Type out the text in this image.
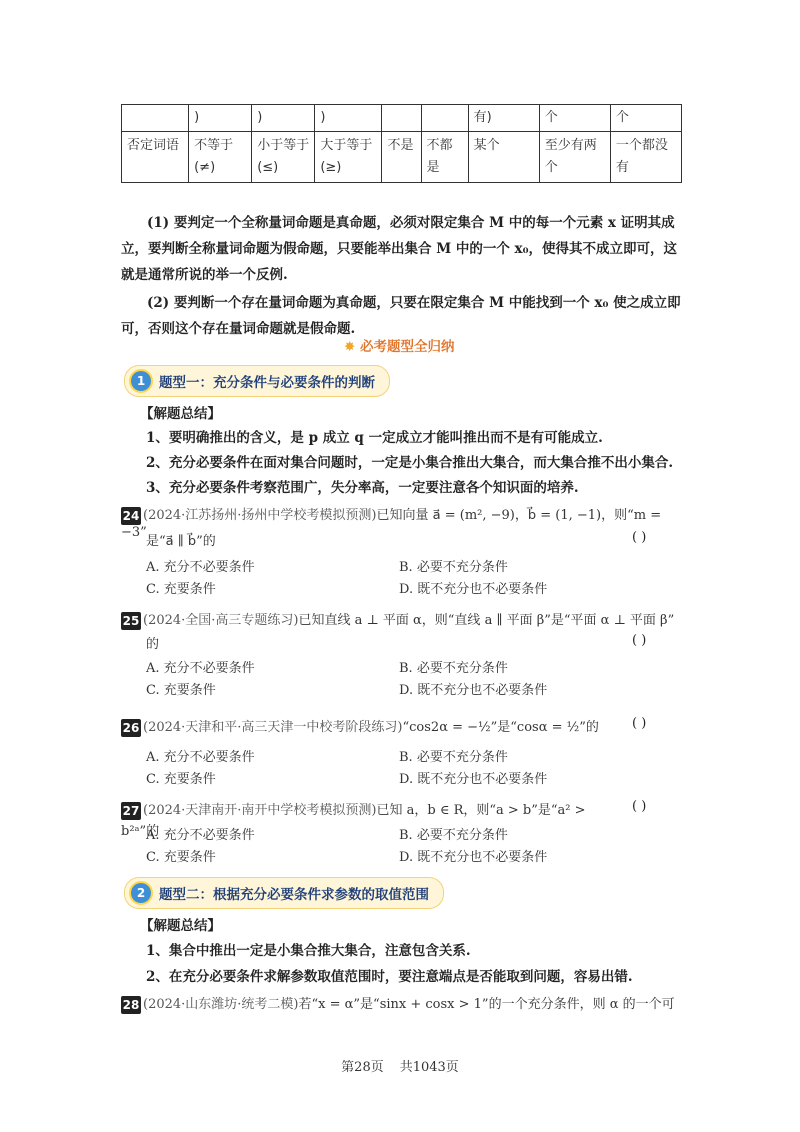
	)	)	)			有)	个	个
否定词语	不等于(≠)	小于等于(≤)	大于等于(≥)	不是	不都是	某个	至少有两个	一个都没有
(1) 要判定一个全称量词命题是真命题，必须对限定集合 M 中的每一个元素 x 证明其成立，要判断全称量词命题为假命题，只要能举出集合 M 中的一个 x₀，使得其不成立即可，这就是通常所说的举一个反例.
(2) 要判断一个存在量词命题为真命题，只要在限定集合 M 中能找到一个 x₀ 使之成立即可，否则这个存在量词命题就是假命题.
✸ 必考题型全归纳
1	题型一：充分条件与必要条件的判断
【解题总结】
1、要明确推出的含义，是 p 成立 q 一定成立才能叫推出而不是有可能成立.
2、充分必要条件在面对集合问题时，一定是小集合推出大集合，而大集合推不出小集合.
3、充分必要条件考察范围广，失分率高，一定要注意各个知识面的培养.
24 (2024·江苏扬州·扬州中学校考模拟预测)已知向量 a⃗ = (m², −9)，b⃗ = (1, −1)，则“m = −3”
是“a⃗ ∥ b⃗”的	( )
A. 充分不必要条件	B. 必要不充分条件
C. 充要条件	D. 既不充分也不必要条件
25 (2024·全国·高三专题练习)已知直线 a ⊥ 平面 α，则“直线 a ∥ 平面 β”是“平面 α ⊥ 平面 β”
的	( )
A. 充分不必要条件	B. 必要不充分条件
C. 充要条件	D. 既不充分也不必要条件
26 (2024·天津和平·高三天津一中校考阶段练习)“cos2α = −½”是“cosα = ½”的	( )
A. 充分不必要条件	B. 必要不充分条件
C. 充要条件	D. 既不充分也不必要条件
27 (2024·天津南开·南开中学校考模拟预测)已知 a，b ∈ R，则“a > b”是“a² > b²ᵃ”的
( )
A. 充分不必要条件	B. 必要不充分条件
C. 充要条件	D. 既不充分也不必要条件
2	题型二：根据充分必要条件求参数的取值范围
【解题总结】
1、集合中推出一定是小集合推大集合，注意包含关系.
2、在充分必要条件求解参数取值范围时，要注意端点是否能取到问题，容易出错.
28 (2024·山东潍坊·统考二模)若“x = α”是“sinx + cosx > 1”的一个充分条件，则 α 的一个可
第28页 共1043页
